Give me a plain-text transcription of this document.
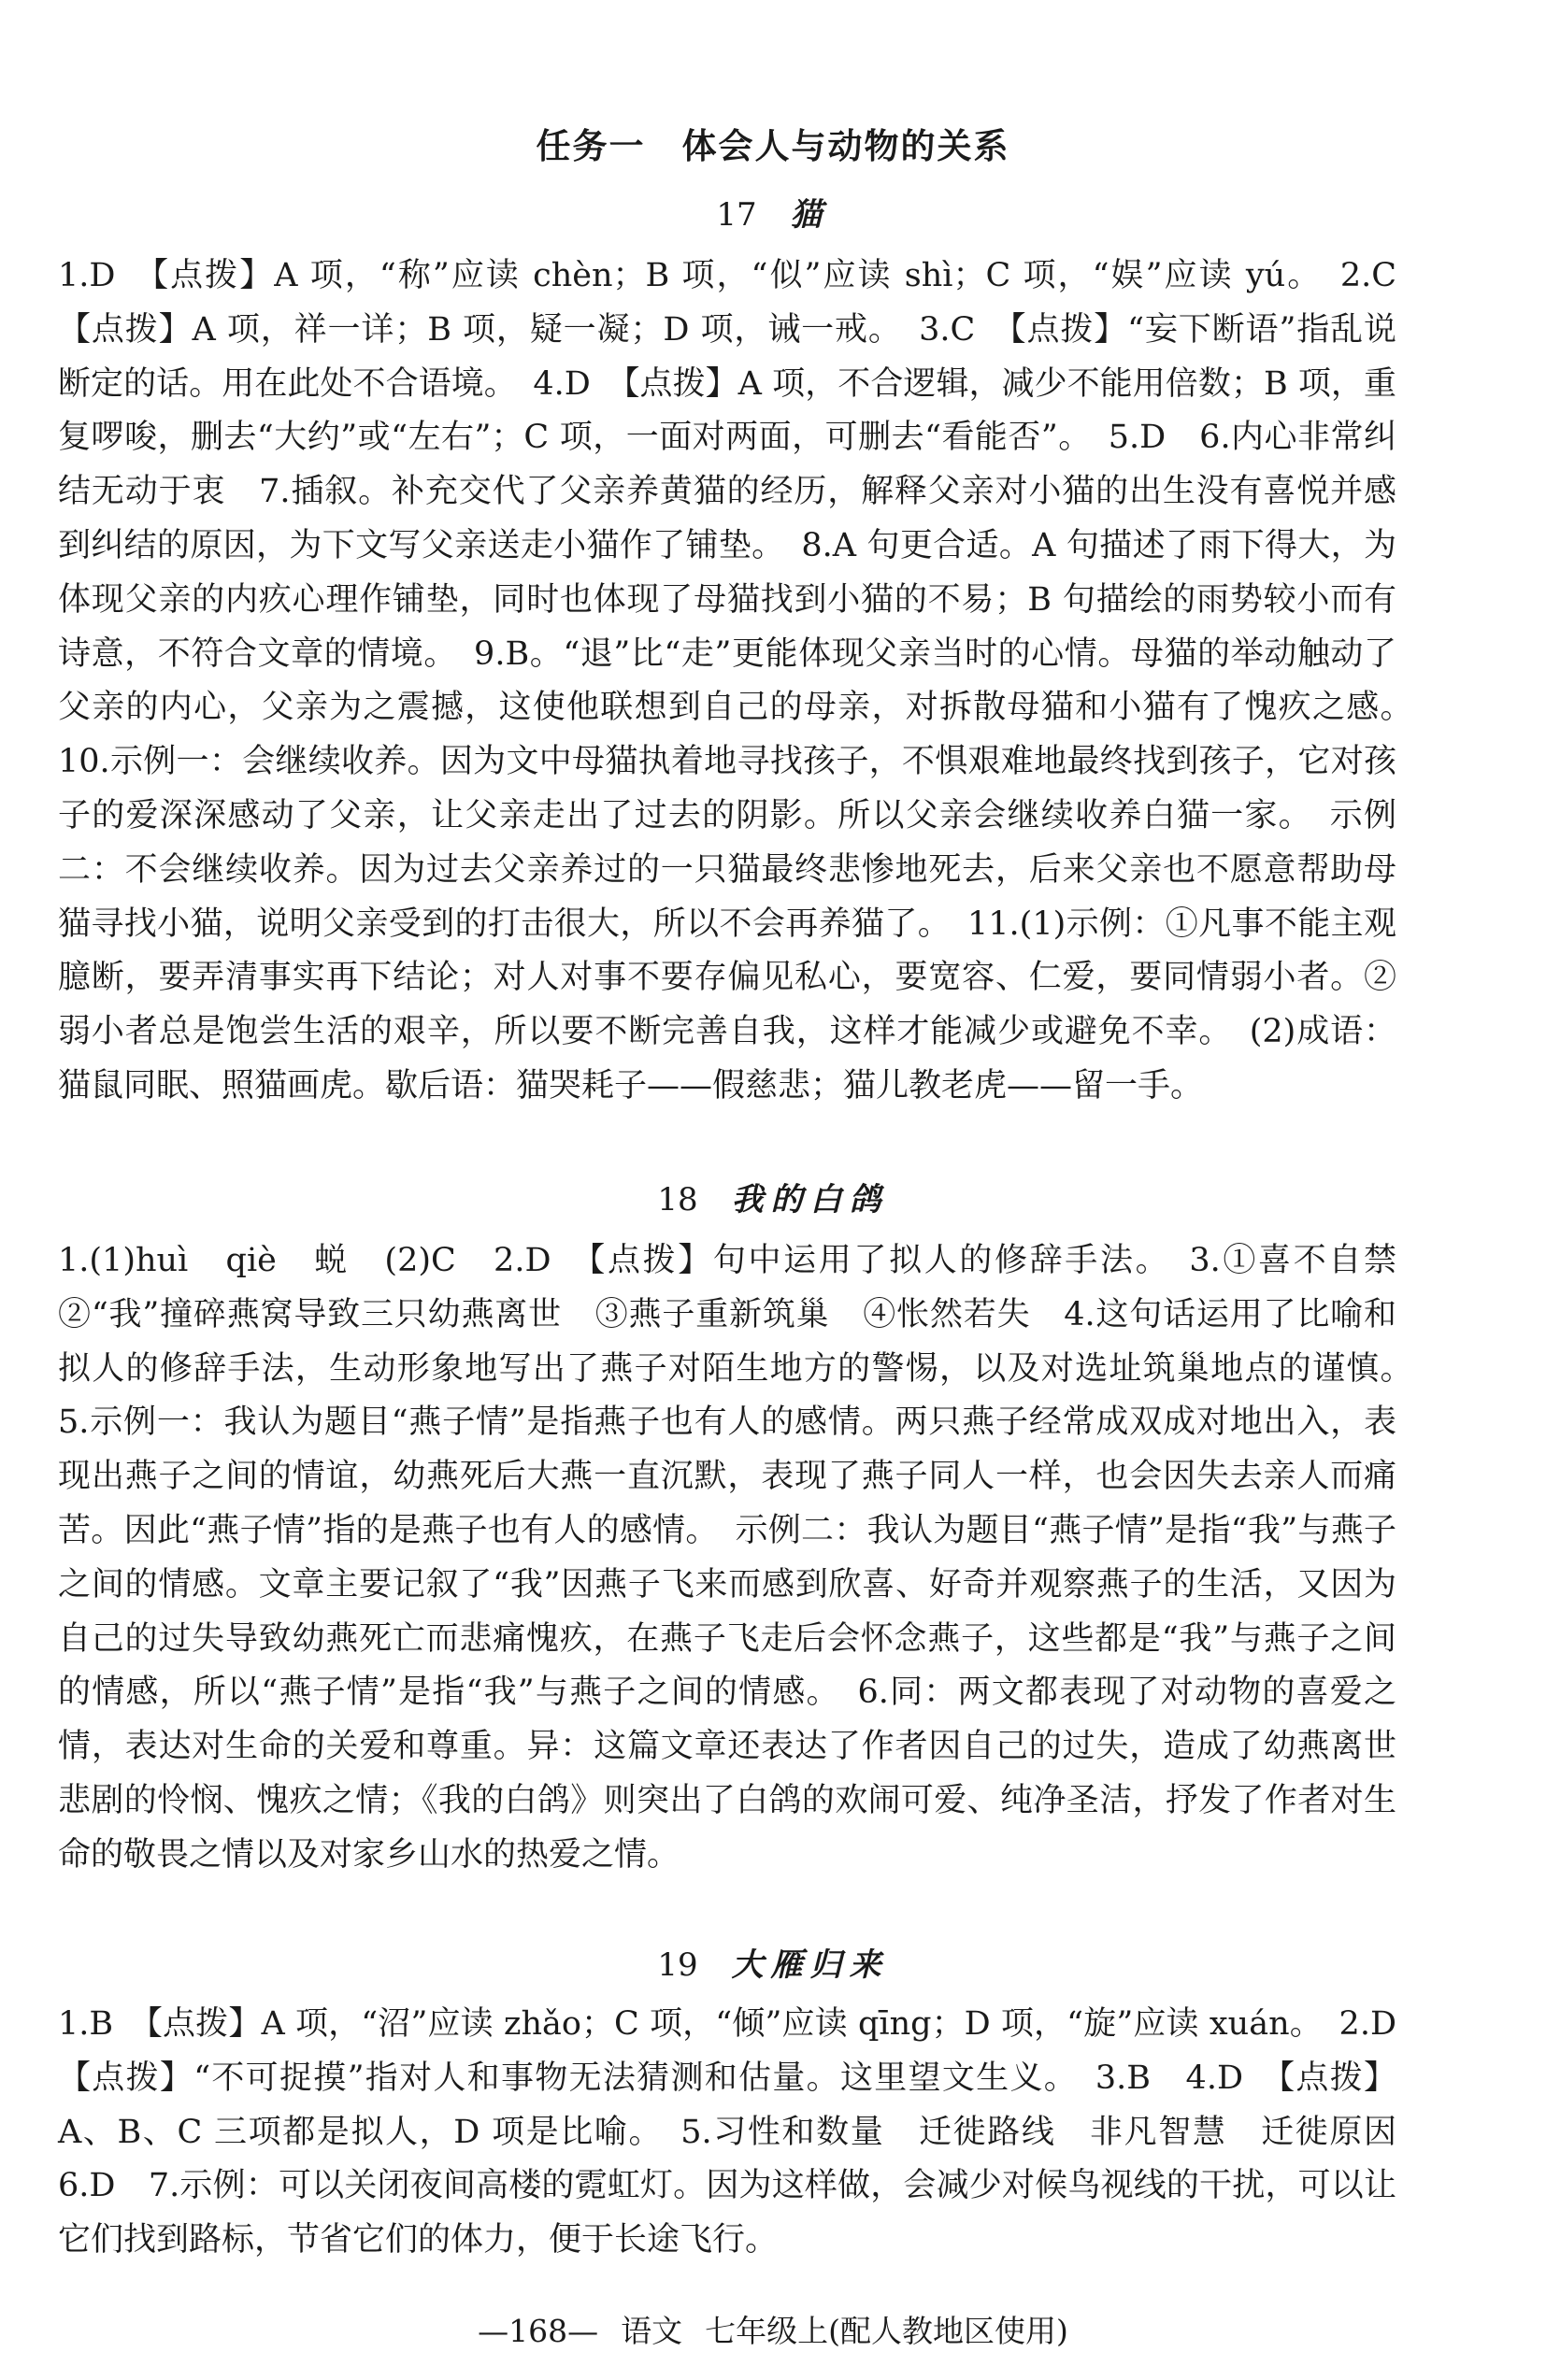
任务一　体会人与动物的关系
17 猫

1.D　【点拨】A 项，“称”应读 chèn；B 项，“似”应读 shì；C 项，“娱”应读 yú。　2.C　【点拨】A 项，祥一详；B 项，疑一凝；D 项，诫一戒。　3.C　【点拨】“妄下断语”指乱说断定的话。用在此处不合语境。　4.D　【点拨】A 项，不合逻辑，减少不能用倍数；B 项，重复啰唆，删去“大约”或“左右”；C 项，一面对两面，可删去“看能否”。　5.D　6.内心非常纠结无动于衷　7.插叙。补充交代了父亲养黄猫的经历，解释父亲对小猫的出生没有喜悦并感到纠结的原因，为下文写父亲送走小猫作了铺垫。　8.A 句更合适。A 句描述了雨下得大，为体现父亲的内疚心理作铺垫，同时也体现了母猫找到小猫的不易；B 句描绘的雨势较小而有诗意，不符合文章的情境。　9.B。“退”比“走”更能体现父亲当时的心情。母猫的举动触动了父亲的内心，父亲为之震撼，这使他联想到自己的母亲，对拆散母猫和小猫有了愧疚之感。　10.示例一：会继续收养。因为文中母猫执着地寻找孩子，不惧艰难地最终找到孩子，它对孩子的爱深深感动了父亲，让父亲走出了过去的阴影。所以父亲会继续收养白猫一家。　示例二：不会继续收养。因为过去父亲养过的一只猫最终悲惨地死去，后来父亲也不愿意帮助母猫寻找小猫，说明父亲受到的打击很大，所以不会再养猫了。　11.(1)示例：①凡事不能主观臆断，要弄清事实再下结论；对人对事不要存偏见私心，要宽容、仁爱，要同情弱小者。②弱小者总是饱尝生活的艰辛，所以要不断完善自我，这样才能减少或避免不幸。　(2)成语：猫鼠同眠、照猫画虎。歇后语：猫哭耗子——假慈悲；猫儿教老虎——留一手。

18 我的白鸽

1.(1)huì　qiè　蜕　(2)C　2.D　【点拨】句中运用了拟人的修辞手法。　3.①喜不自禁　②“我”撞碎燕窝导致三只幼燕离世　③燕子重新筑巢　④怅然若失　4.这句话运用了比喻和拟人的修辞手法，生动形象地写出了燕子对陌生地方的警惕，以及对选址筑巢地点的谨慎。　5.示例一：我认为题目“燕子情”是指燕子也有人的感情。两只燕子经常成双成对地出入，表现出燕子之间的情谊，幼燕死后大燕一直沉默，表现了燕子同人一样，也会因失去亲人而痛苦。因此“燕子情”指的是燕子也有人的感情。　示例二：我认为题目“燕子情”是指“我”与燕子之间的情感。文章主要记叙了“我”因燕子飞来而感到欣喜、好奇并观察燕子的生活，又因为自己的过失导致幼燕死亡而悲痛愧疚，在燕子飞走后会怀念燕子，这些都是“我”与燕子之间的情感，所以“燕子情”是指“我”与燕子之间的情感。　6.同：两文都表现了对动物的喜爱之情，表达对生命的关爱和尊重。异：这篇文章还表达了作者因自己的过失，造成了幼燕离世悲剧的怜悯、愧疚之情；《我的白鸽》则突出了白鸽的欢闹可爱、纯净圣洁，抒发了作者对生命的敬畏之情以及对家乡山水的热爱之情。

19 大雁归来

1.B　【点拨】A 项，“沼”应读 zhǎo；C 项，“倾”应读 qīng；D 项，“旋”应读 xuán。　2.D　【点拨】“不可捉摸”指对人和事物无法猜测和估量。这里望文生义。　3.B　4.D　【点拨】A、B、C 三项都是拟人，D 项是比喻。　5.习性和数量　迁徙路线　非凡智慧　迁徙原因　6.D　7.示例：可以关闭夜间高楼的霓虹灯。因为这样做，会减少对候鸟视线的干扰，可以让它们找到路标，节省它们的体力，便于长途飞行。

—168— 语文 七年级上(配人教地区使用)
